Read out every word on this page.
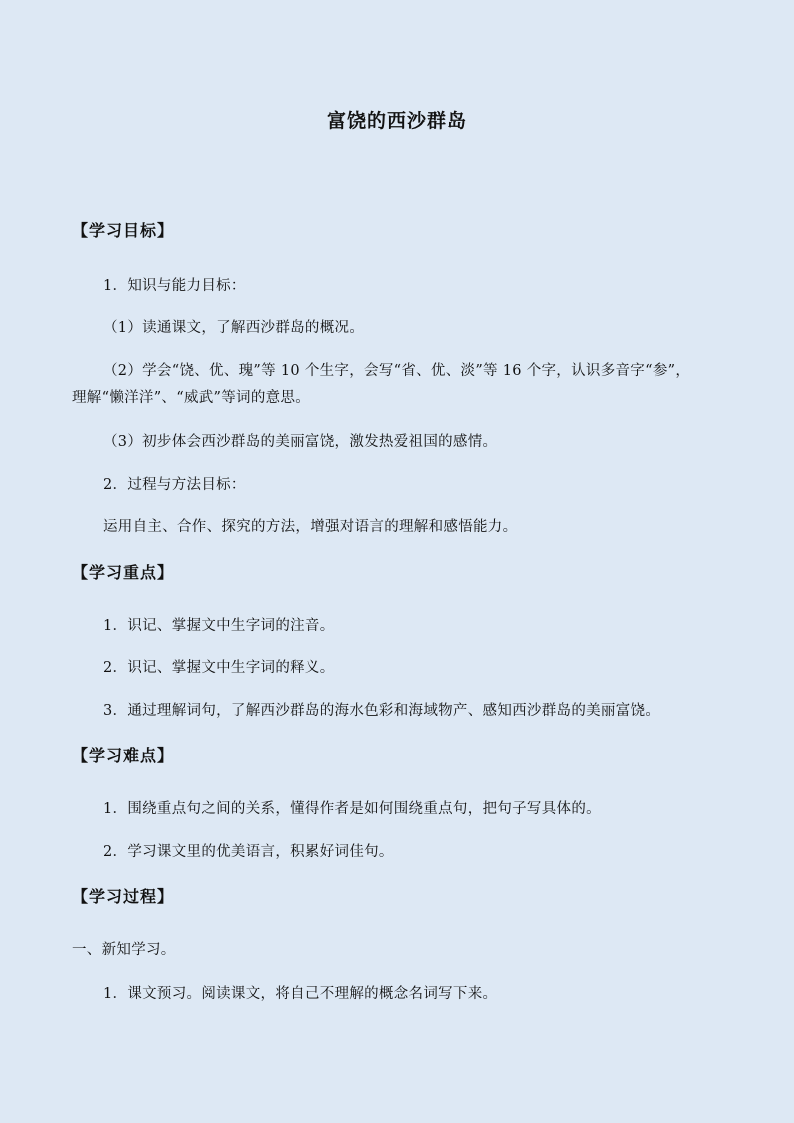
富饶的西沙群岛
【学习目标】
1．知识与能力目标：
（1）读通课文，了解西沙群岛的概况。
（2）学会“饶、优、瑰”等 10 个生字，会写“省、优、淡”等 16 个字，认识多音字“参”，
理解“懒洋洋”、“威武”等词的意思。
（3）初步体会西沙群岛的美丽富饶，激发热爱祖国的感情。
2．过程与方法目标：
运用自主、合作、探究的方法，增强对语言的理解和感悟能力。
【学习重点】
1．识记、掌握文中生字词的注音。
2．识记、掌握文中生字词的释义。
3．通过理解词句，了解西沙群岛的海水色彩和海域物产、感知西沙群岛的美丽富饶。
【学习难点】
1．围绕重点句之间的关系，懂得作者是如何围绕重点句，把句子写具体的。
2．学习课文里的优美语言，积累好词佳句。
【学习过程】
一、新知学习。
1．课文预习。阅读课文，将自己不理解的概念名词写下来。
